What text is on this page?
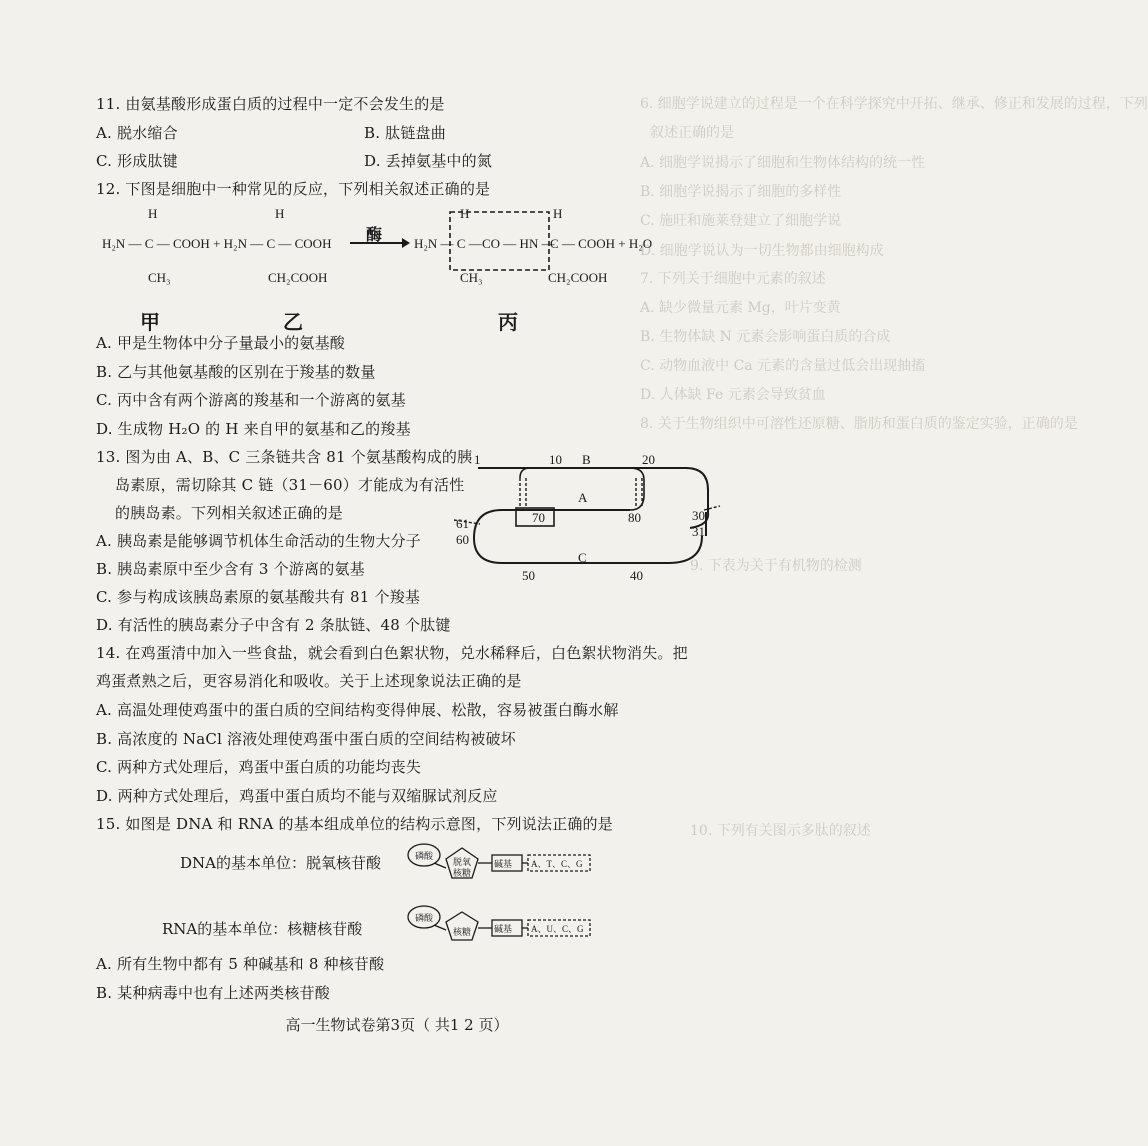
6. 细胞学说建立的过程是一个在科学探究中开拓、继承、修正和发展的过程，下列
叙述正确的是
A. 细胞学说揭示了细胞和生物体结构的统一性
B. 细胞学说揭示了细胞的多样性
C. 施旺和施莱登建立了细胞学说
D. 细胞学说认为一切生物都由细胞构成
7. 下列关于细胞中元素的叙述
A. 缺少微量元素 Mg，叶片变黄
B. 生物体缺 N 元素会影响蛋白质的合成
C. 动物血液中 Ca 元素的含量过低会出现抽搐
D. 人体缺 Fe 元素会导致贫血
8. 关于生物组织中可溶性还原糖、脂肪和蛋白质的鉴定实验，正确的是
9. 下表为关于有机物的检测
10. 下列有关图示多肽的叙述
11. 由氨基酸形成蛋白质的过程中一定不会发生的是
A. 脱水缩合	B. 肽链盘曲
C. 形成肽键	D. 丢掉氨基中的氮
12. 下图是细胞中一种常见的反应，下列相关叙述正确的是
H	H
H₂N — C — COOH + H₂N — C — COOH
CH₃	CH₂COOH
酶
H	H
H₂N — C — CO — HN —
C — COOH + H₂O
CH₃	CH₂COOH
甲	乙	丙
A. 甲是生物体中分子量最小的氨基酸
B. 乙与其他氨基酸的区别在于羧基的数量
C. 丙中含有两个游离的羧基和一个游离的氨基
D. 生成物 H₂O 的 H 来自甲的氨基和乙的羧基
13. 图为由 A、B、C 三条链共含 81 个氨基酸构成的胰
岛素原，需切除其 C 链（31－60）才能成为有活性
的胰岛素。下列相关叙述正确的是
A. 胰岛素是能够调节机体生命活动的生物大分子
B. 胰岛素原中至少含有 3 个游离的氨基
C. 参与构成该胰岛素原的氨基酸共有 81 个羧基
D. 有活性的胰岛素分子中含有 2 条肽链、48 个肽键
1	10 B	20
A
70	80
61
60
30
31
C
50	40
14. 在鸡蛋清中加入一些食盐，就会看到白色絮状物，兑水稀释后，白色絮状物消失。把
鸡蛋煮熟之后，更容易消化和吸收。关于上述现象说法正确的是
A. 高温处理使鸡蛋中的蛋白质的空间结构变得伸展、松散，容易被蛋白酶水解
B. 高浓度的 NaCl 溶液处理使鸡蛋中蛋白质的空间结构被破坏
C. 两种方式处理后，鸡蛋中蛋白质的功能均丧失
D. 两种方式处理后，鸡蛋中蛋白质均不能与双缩脲试剂反应
15. 如图是 DNA 和 RNA 的基本组成单位的结构示意图，下列说法正确的是
DNA的基本单位：脱氧核苷酸	磷酸
脱氧
核糖
碱基 A、T、C、G
RNA的基本单位：核糖核苷酸
磷酸
核糖	碱基 A、U、C、G
A. 所有生物中都有 5 种碱基和 8 种核苷酸
B. 某种病毒中也有上述两类核苷酸
高一生物试卷第3页（ 共1 2 页）
